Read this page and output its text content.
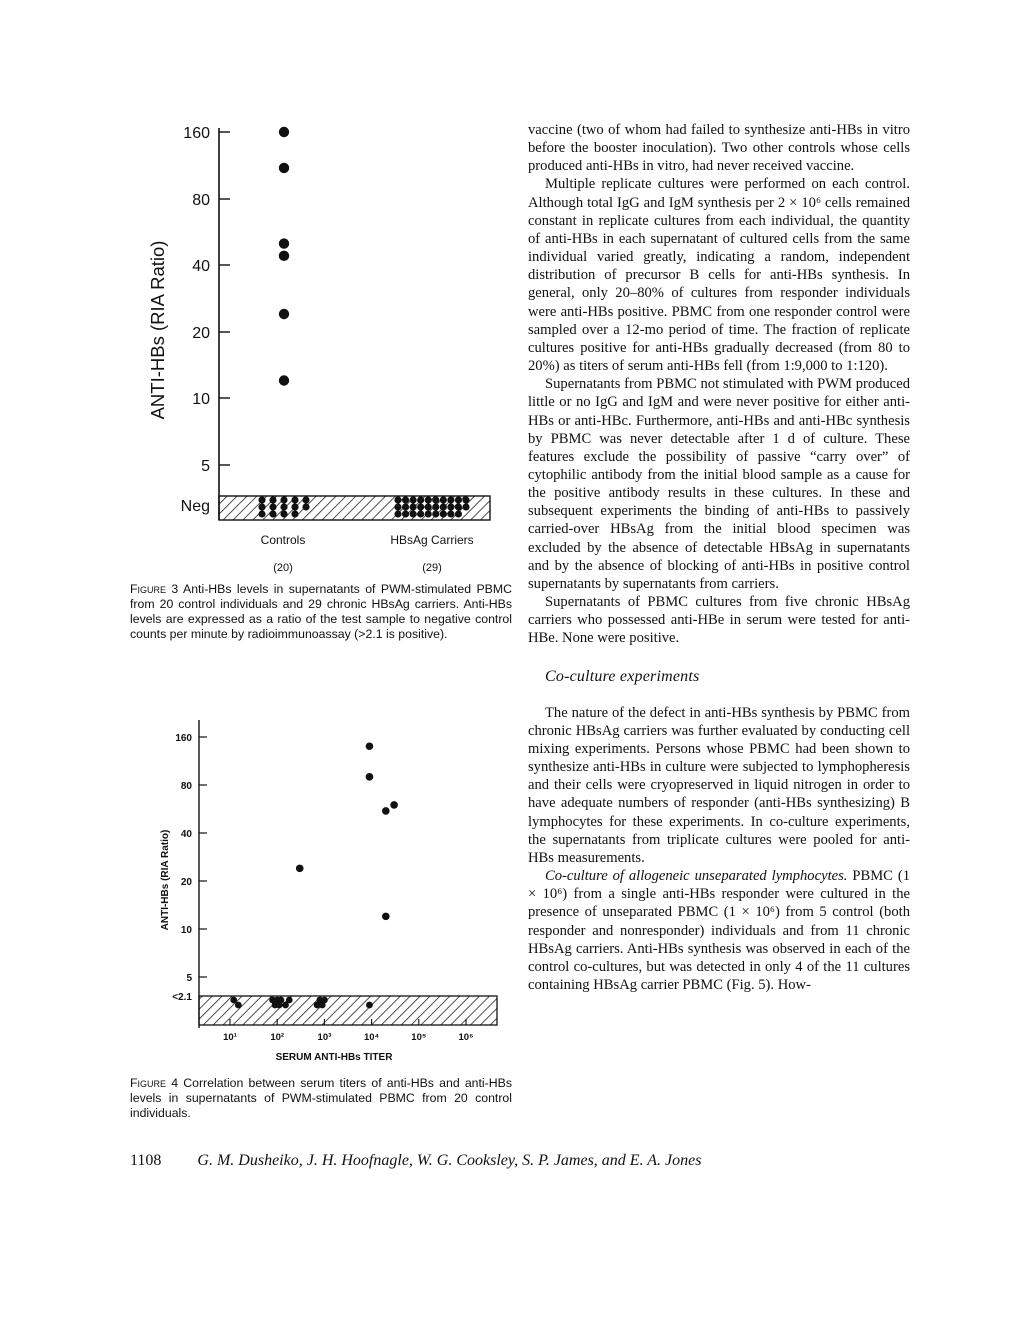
160
80
40
20
10
5
Neg
ANTI-HBs (RIA Ratio)
Controls	HBsAg Carriers
(20)	(29)
160
80
40
20
10
5
<2.1
10¹	10²	10³	10⁴	10⁵	10⁶
ANTI-HBs (RIA Ratio)
SERUM ANTI-HBs TITER
Figure 3 Anti-HBs levels in supernatants of PWM-stimulated PBMC from 20 control individuals and 29 chronic HBsAg carriers. Anti-HBs levels are expressed as a ratio of the test sample to negative control counts per minute by radioimmunoassay (>2.1 is positive).
Figure 4 Correlation between serum titers of anti-HBs and anti-HBs levels in supernatants of PWM-stimulated PBMC from 20 control individuals.

vaccine (two of whom had failed to synthesize anti-HBs in vitro before the booster inoculation). Two other controls whose cells produced anti-HBs in vitro, had never received vaccine.

Multiple replicate cultures were performed on each control. Although total IgG and IgM synthesis per 2 × 10⁶ cells remained constant in replicate cultures from each individual, the quantity of anti-HBs in each supernatant of cultured cells from the same individual varied greatly, indicating a random, independent distribution of precursor B cells for anti-HBs synthesis. In general, only 20–80% of cultures from responder individuals were anti-HBs positive. PBMC from one responder control were sampled over a 12-mo period of time. The fraction of replicate cultures positive for anti-HBs gradually decreased (from 80 to 20%) as titers of serum anti-HBs fell (from 1:9,000 to 1:120).

Supernatants from PBMC not stimulated with PWM produced little or no IgG and IgM and were never positive for either anti-HBs or anti-HBc. Furthermore, anti-HBs and anti-HBc synthesis by PBMC was never detectable after 1 d of culture. These features exclude the possibility of passive “carry over” of cytophilic antibody from the initial blood sample as a cause for the positive antibody results in these cultures. In these and subsequent experiments the binding of anti-HBs to passively carried-over HBsAg from the initial blood specimen was excluded by the absence of detectable HBsAg in supernatants and by the absence of blocking of anti-HBs in positive control supernatants by supernatants from carriers.

Supernatants of PBMC cultures from five chronic HBsAg carriers who possessed anti-HBe in serum were tested for anti-HBe. None were positive.

Co-culture experiments

The nature of the defect in anti-HBs synthesis by PBMC from chronic HBsAg carriers was further evaluated by conducting cell mixing experiments. Persons whose PBMC had been shown to synthesize anti-HBs in culture were subjected to lymphopheresis and their cells were cryopreserved in liquid nitrogen in order to have adequate numbers of responder (anti-HBs synthesizing) B lymphocytes for these experiments. In co-culture experiments, the supernatants from triplicate cultures were pooled for anti-HBs measurements.

Co-culture of allogeneic unseparated lymphocytes. PBMC (1 × 10⁶) from a single anti-HBs responder were cultured in the presence of unseparated PBMC (1 × 10⁶) from 5 control (both responder and nonresponder) individuals and from 11 chronic HBsAg carriers. Anti-HBs synthesis was observed in each of the control co-cultures, but was detected in only 4 of the 11 cultures containing HBsAg carrier PBMC (Fig. 5). How-

1108 G. M. Dusheiko, J. H. Hoofnagle, W. G. Cooksley, S. P. James, and E. A. Jones
